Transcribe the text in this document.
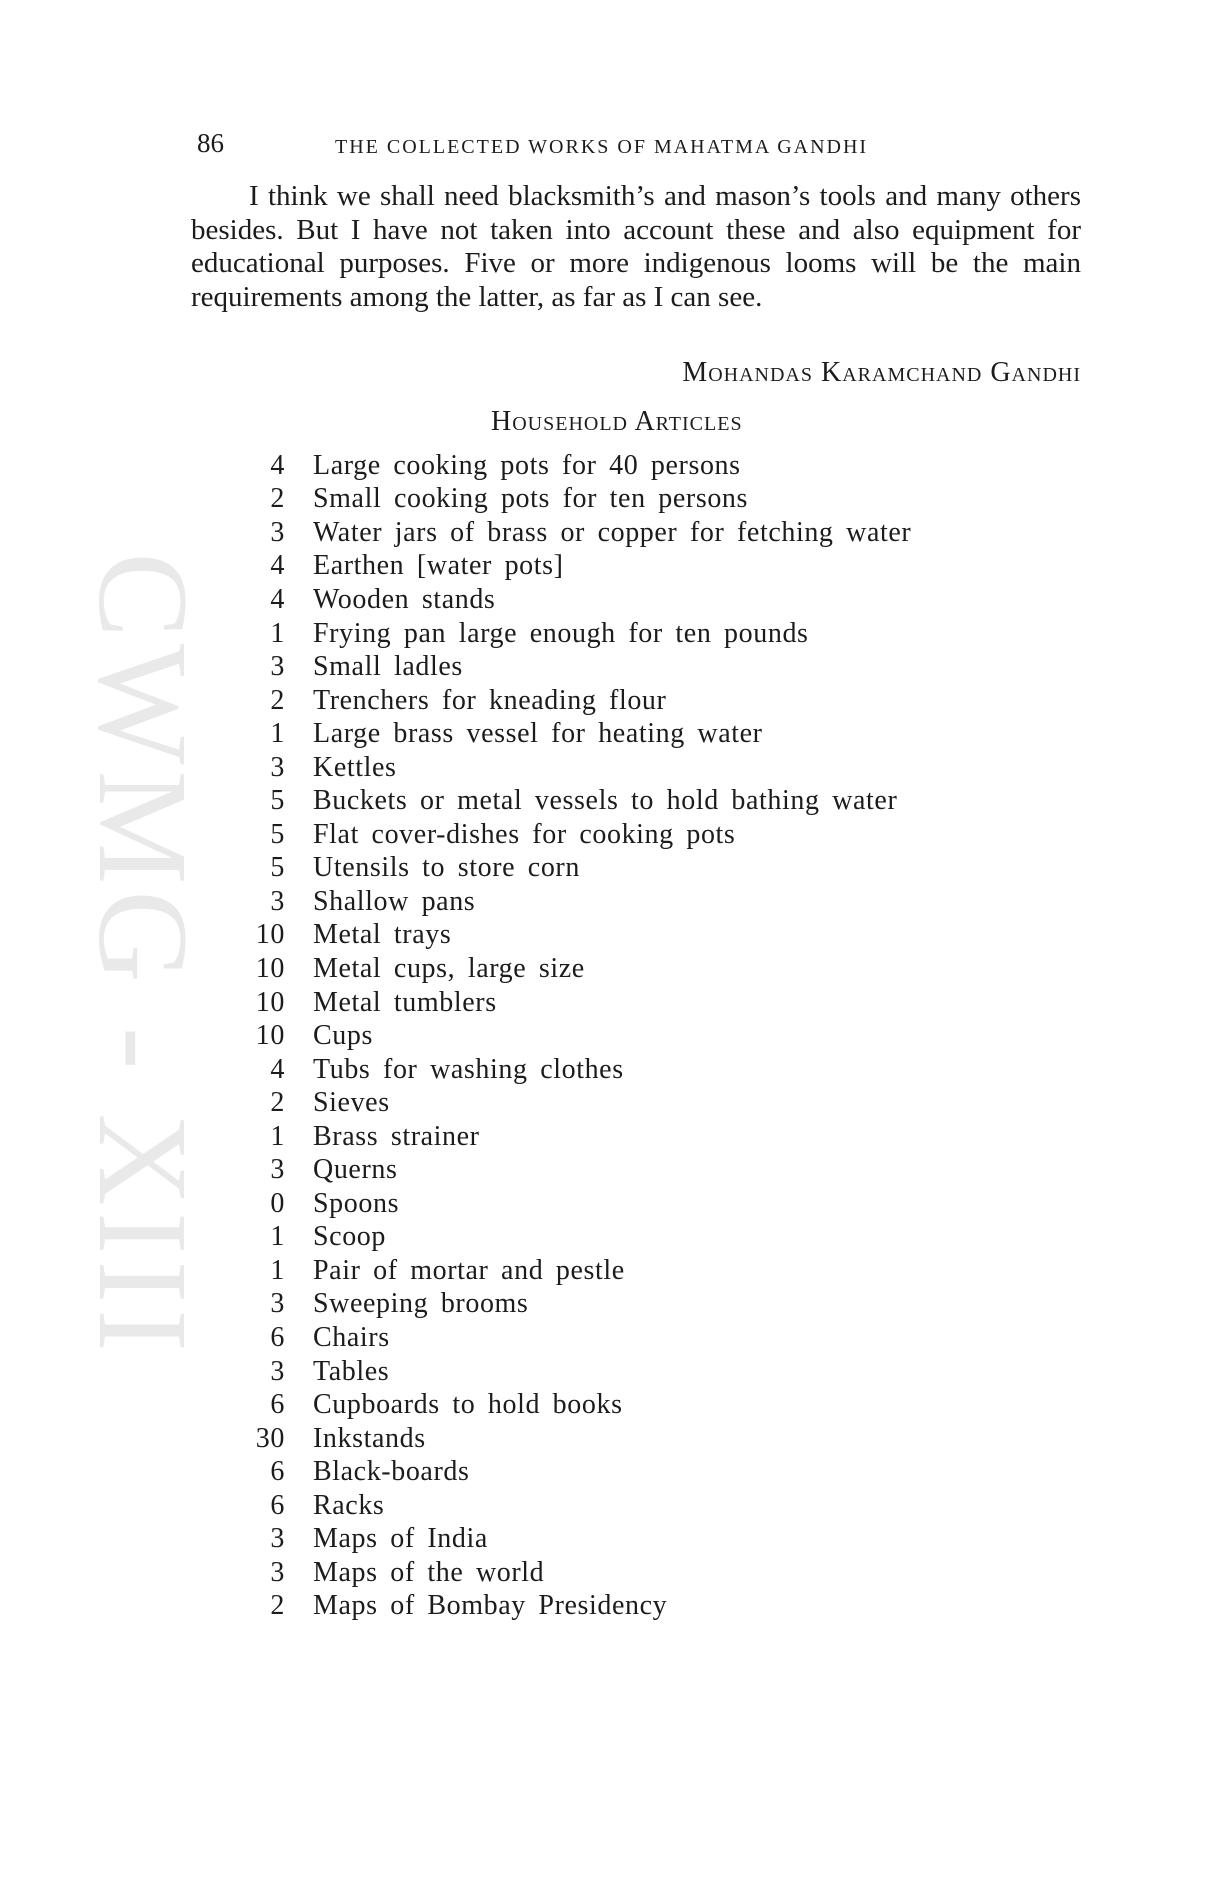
CWMG - XIII
86	THE COLLECTED WORKS OF MAHATMA GANDHI

I think we shall need blacksmith’s and mason’s tools and many others besides. But I have not taken into account these and also equipment for educational purposes. Five or more indigenous looms will be the main requirements among the latter, as far as I can see.

Mohandas Karamchand Gandhi
Household Articles
4	Large cooking pots for 40 persons
2	Small cooking pots for ten persons
3	Water jars of brass or copper for fetching water
4	Earthen [water pots]
4	Wooden stands
1	Frying pan large enough for ten pounds
3	Small ladles
2	Trenchers for kneading flour
1	Large brass vessel for heating water
3	Kettles
5	Buckets or metal vessels to hold bathing water
5	Flat cover-dishes for cooking pots
5	Utensils to store corn
3	Shallow pans
10	Metal trays
10	Metal cups, large size
10	Metal tumblers
10	Cups
4	Tubs for washing clothes
2	Sieves
1	Brass strainer
3	Querns
0	Spoons
1	Scoop
1	Pair of mortar and pestle
3	Sweeping brooms
6	Chairs
3	Tables
6	Cupboards to hold books
30	Inkstands
6	Black-boards
6	Racks
3	Maps of India
3	Maps of the world
2	Maps of Bombay Presidency
